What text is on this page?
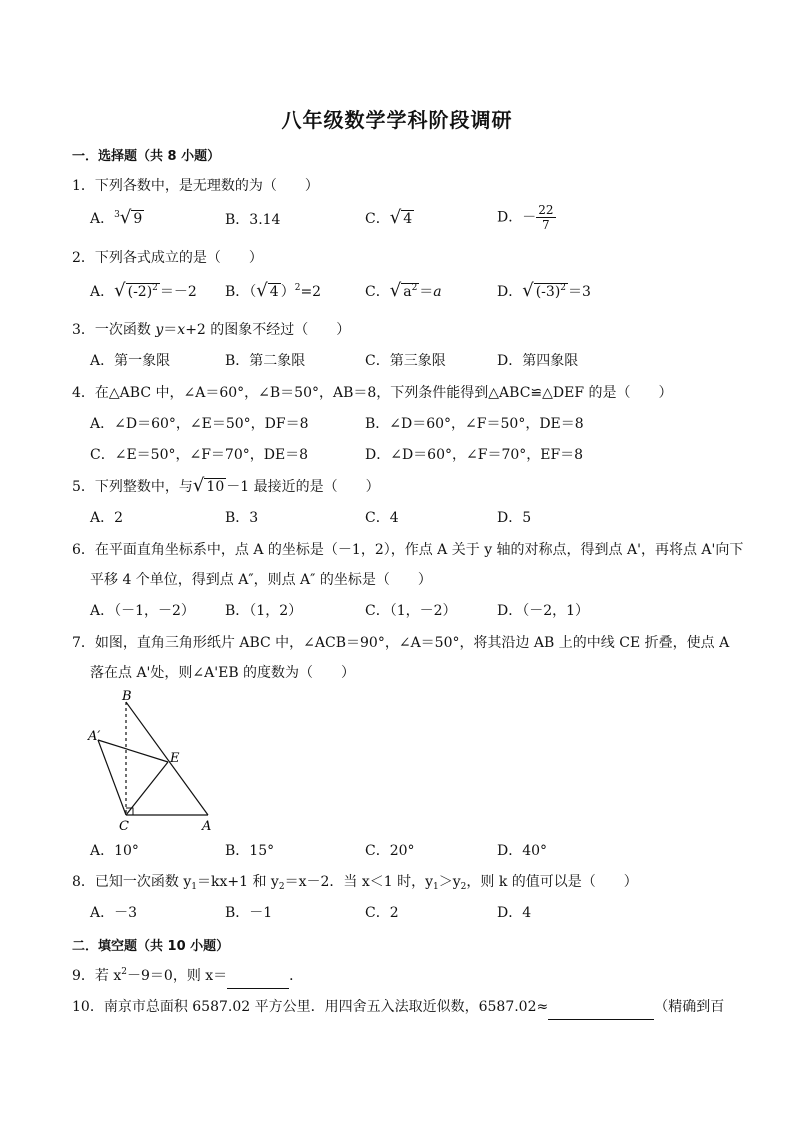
八年级数学学科阶段调研
一．选择题（共 8 小题）
1．下列各数中，是无理数的为（　　）
A．$^3$√ 9	B．3.14	C．√ 4	D．－ $\frac{22}{7}$
2．下列各式成立的是（　　）
A．√ $(-2)^2 =-2$ B．（√ 4 ）$^2$=2	C．√ $a^2 =a$	D．√ $(-3)^2 =3$
3．一次函数 y＝x+2 的图象不经过（　　）
A．第一象限	B．第二象限	C．第三象限	D．第四象限
4．在△ABC 中，∠A＝60°，∠B＝50°，AB＝8，下列条件能得到△ABC≌△DEF 的是（　　）
A．∠D＝60°，∠E＝50°，DF＝8	B．∠D＝60°，∠F＝50°，DE＝8
C．∠E＝50°，∠F＝70°，DE＝8	D．∠D＝60°，∠F＝70°，EF＝8
5．下列整数中，与√ 10 －1 最接近的是（　　）
A．2	B．3	C．4	D．5
6．在平面直角坐标系中，点 A 的坐标是（－1，2），作点 A 关于 y 轴的对称点，得到点 A'，再将点 A'向下
平移 4 个单位，得到点 A″，则点 A″ 的坐标是（　　）
A．（－1，－2） B．（1，2）	C．（1，－2）	D．（－2，1）
7．如图，直角三角形纸片 ABC 中，∠ACB＝90°，∠A＝50°，将其沿边 AB 上的中线 CE 折叠，使点 A
落在点 A'处，则∠A'EB 的度数为（　　）
B
A′
E
C	A
A．10°	B．15°	C．20°	D．40°
8．已知一次函数 $y_1=kx+1$ 和 $y_2=x-2$．当 x＜1 时，$y_1>y_2$，则 k 的值可以是（　　）
A．－3	B．－1	C．2	D．4
二．填空题（共 10 小题）
9．若 $x^2-9=0$，则 x＝	．
10．南京市总面积 6587.02 平方公里．用四舍五入法取近似数，6587.02≈	（精确到百
